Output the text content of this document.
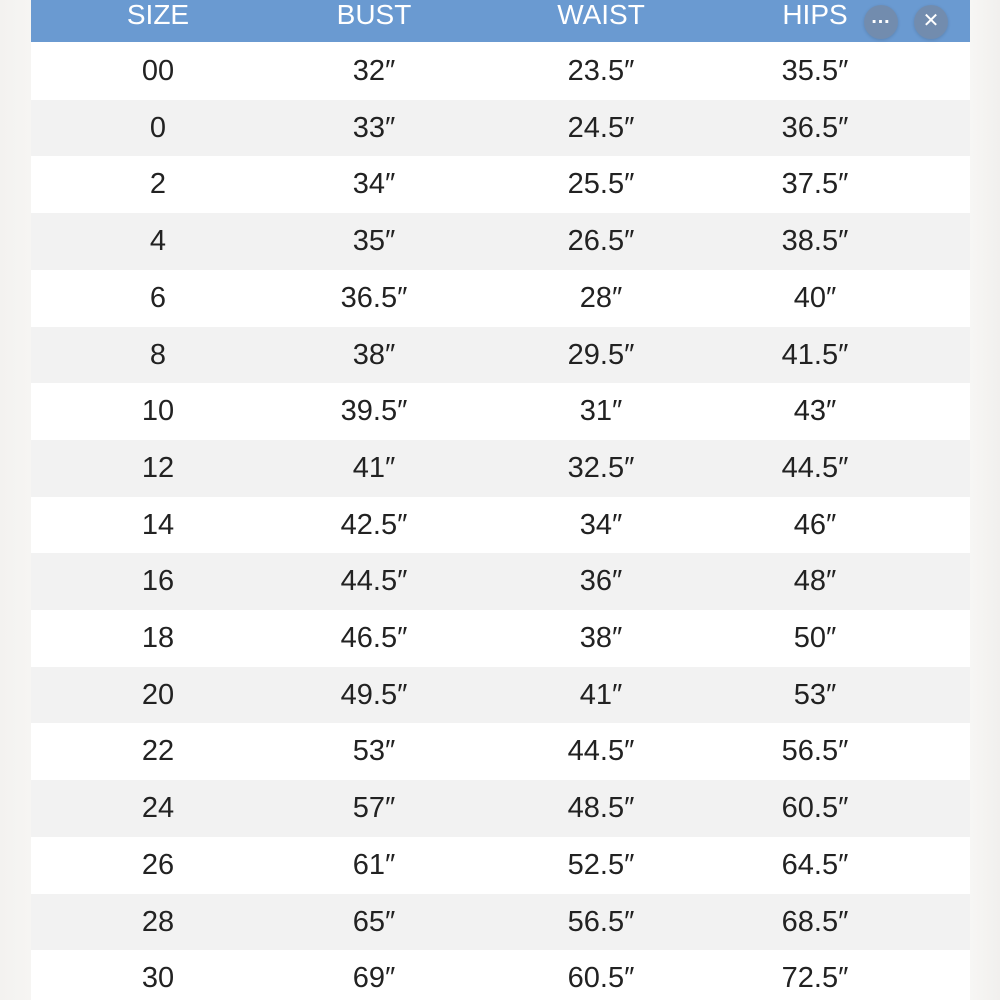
SIZE	BUST	WAIST	HIPS
00	32″	23.5″	35.5″
0	33″	24.5″	36.5″
2	34″	25.5″	37.5″
4	35″	26.5″	38.5″
6	36.5″	28″	40″
8	38″	29.5″	41.5″
10	39.5″	31″	43″
12	41″	32.5″	44.5″
14	42.5″	34″	46″
16	44.5″	36″	48″
18	46.5″	38″	50″
20	49.5″	41″	53″
22	53″	44.5″	56.5″
24	57″	48.5″	60.5″
26	61″	52.5″	64.5″
28	65″	56.5″	68.5″
30	69″	60.5″	72.5″
…	✕
